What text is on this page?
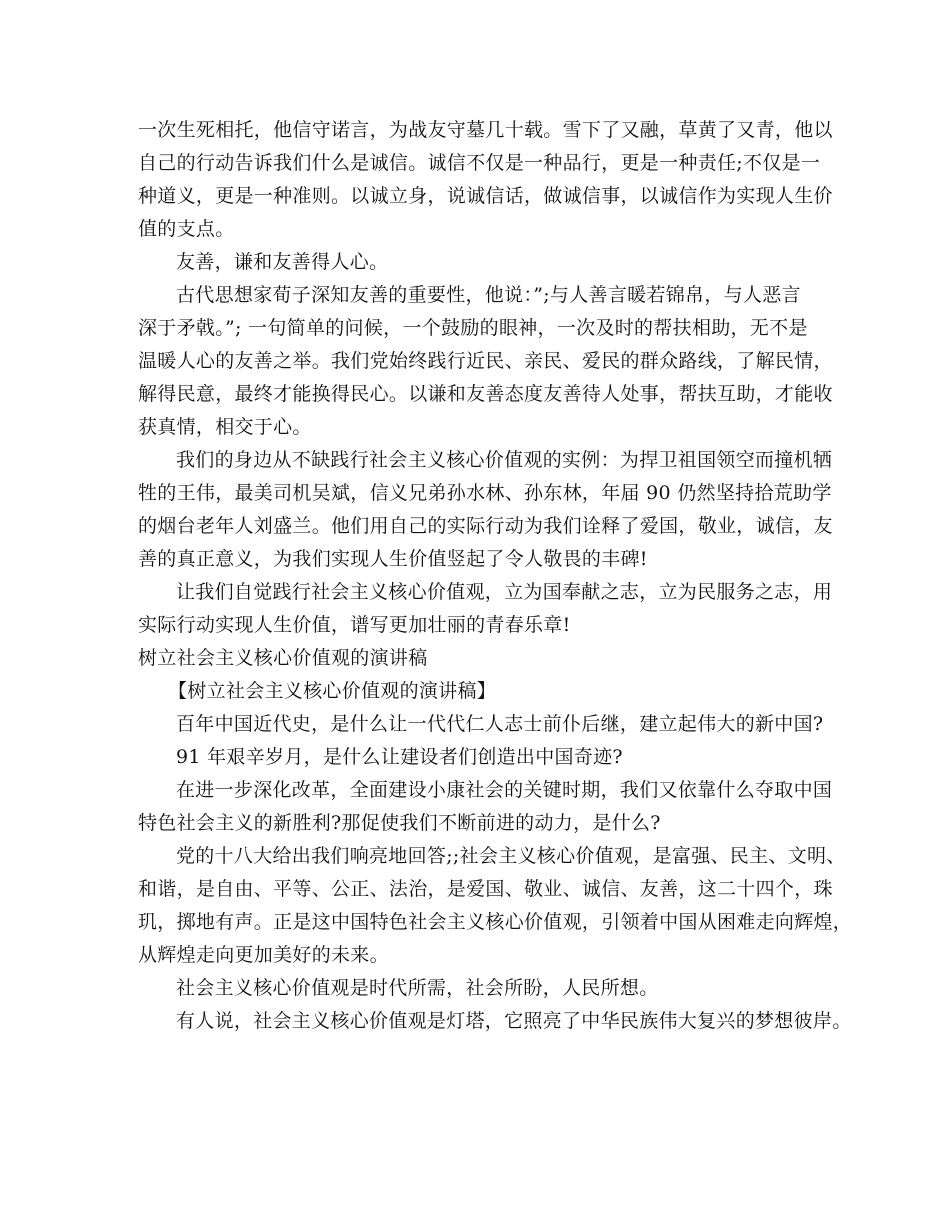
一次生死相托，他信守诺言，为战友守墓几十载。雪下了又融，草黄了又青，他以
自己的行动告诉我们什么是诚信。诚信不仅是一种品行，更是一种责任;不仅是一
种道义，更是一种准则。以诚立身，说诚信话，做诚信事，以诚信作为实现人生价
值的支点。
友善，谦和友善得人心。
古代思想家荀子深知友善的重要性，他说：”;与人善言暖若锦帛，与人恶言
深于矛戟。”; 一句简单的问候，一个鼓励的眼神，一次及时的帮扶相助，无不是
温暖人心的友善之举。我们党始终践行近民、亲民、爱民的群众路线，了解民情，
解得民意，最终才能换得民心。以谦和友善态度友善待人处事，帮扶互助，才能收
获真情，相交于心。
我们的身边从不缺践行社会主义核心价值观的实例：为捍卫祖国领空而撞机牺
牲的王伟，最美司机吴斌，信义兄弟孙水林、孙东林，年届 90 仍然坚持拾荒助学
的烟台老年人刘盛兰。他们用自己的实际行动为我们诠释了爱国，敬业，诚信，友
善的真正意义，为我们实现人生价值竖起了令人敬畏的丰碑!
让我们自觉践行社会主义核心价值观，立为国奉献之志，立为民服务之志，用
实际行动实现人生价值，谱写更加壮丽的青春乐章!
树立社会主义核心价值观的演讲稿
【树立社会主义核心价值观的演讲稿】
百年中国近代史，是什么让一代代仁人志士前仆后继，建立起伟大的新中国?
91 年艰辛岁月，是什么让建设者们创造出中国奇迹?
在进一步深化改革，全面建设小康社会的关键时期，我们又依靠什么夺取中国
特色社会主义的新胜利?那促使我们不断前进的动力，是什么?
党的十八大给出我们响亮地回答;;社会主义核心价值观，是富强、民主、文明、
和谐，是自由、平等、公正、法治，是爱国、敬业、诚信、友善，这二十四个，珠
玑，掷地有声。正是这中国特色社会主义核心价值观，引领着中国从困难走向辉煌，
从辉煌走向更加美好的未来。
社会主义核心价值观是时代所需，社会所盼，人民所想。
有人说，社会主义核心价值观是灯塔，它照亮了中华民族伟大复兴的梦想彼岸。
